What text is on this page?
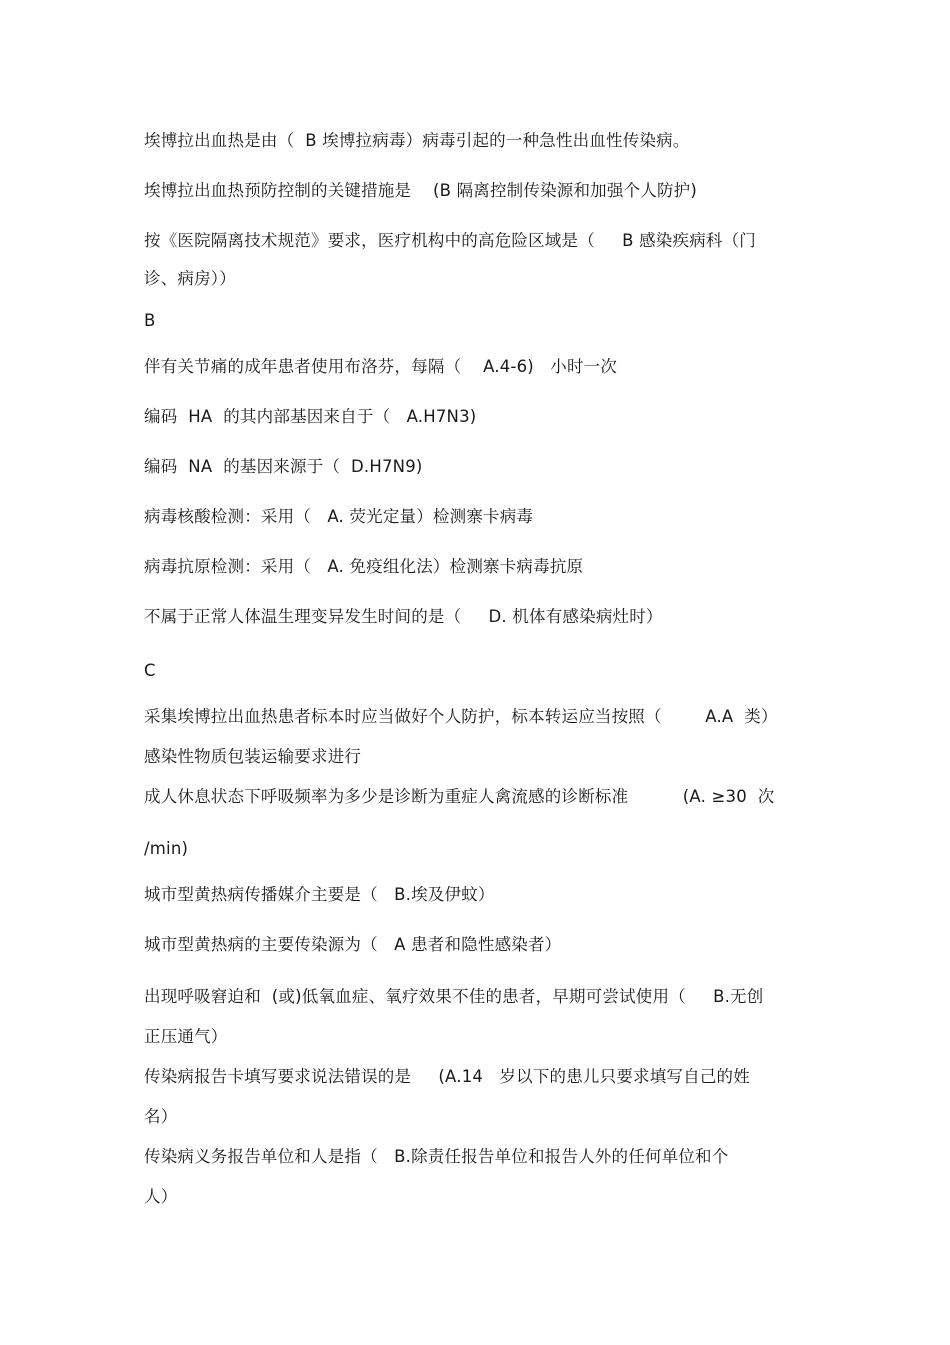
埃博拉出血热是由（  B 埃博拉病毒）病毒引起的一种急性出血性传染病。
埃博拉出血热预防控制的关键措施是    (B 隔离控制传染源和加强个人防护)
按《医院隔离技术规范》要求，医疗机构中的高危险区域是（     B 感染疾病科（门
诊、病房））
B
伴有关节痛的成年患者使用布洛芬，每隔（    A.4-6)   小时一次
编码  HA  的其内部基因来自于（   A.H7N3)
编码  NA  的基因来源于（  D.H7N9)
病毒核酸检测：采用（   A. 荧光定量）检测寨卡病毒
病毒抗原检测：采用（   A. 免疫组化法）检测寨卡病毒抗原
不属于正常人体温生理变异发生时间的是（     D. 机体有感染病灶时）
C
采集埃博拉出血热患者标本时应当做好个人防护，标本转运应当按照（        A.A  类）
感染性物质包装运输要求进行
成人休息状态下呼吸频率为多少是诊断为重症人禽流感的诊断标准          (A. ≥30  次
/min)
城市型黄热病传播媒介主要是（   B.埃及伊蚊）
城市型黄热病的主要传染源为（   A 患者和隐性感染者）
出现呼吸窘迫和  (或)低氧血症、氧疗效果不佳的患者，早期可尝试使用（     B.无创
正压通气）
传染病报告卡填写要求说法错误的是     (A.14   岁以下的患儿只要求填写自己的姓
名）
传染病义务报告单位和人是指（   B.除责任报告单位和报告人外的任何单位和个
人）
